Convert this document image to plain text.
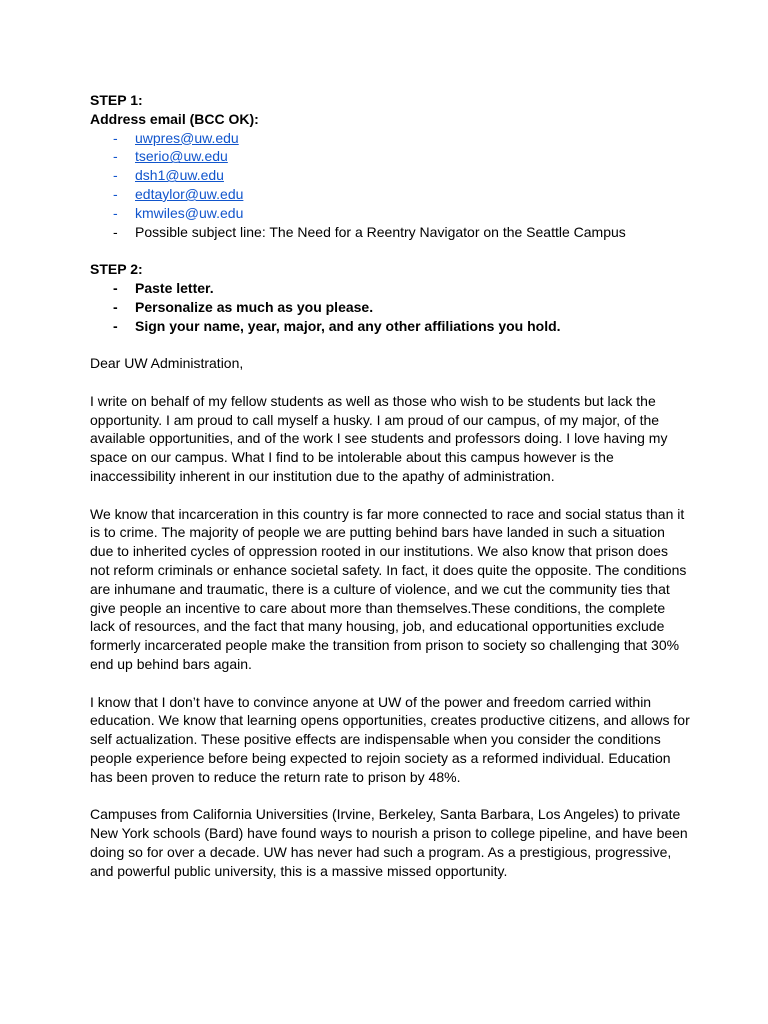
STEP 1:
Address email (BCC OK):
- uwpres@uw.edu
- tserio@uw.edu
- dsh1@uw.edu
- edtaylor@uw.edu
- kmwiles@uw.edu
- Possible subject line: The Need for a Reentry Navigator on the Seattle Campus
STEP 2:
- Paste letter.
- Personalize as much as you please.
- Sign your name, year, major, and any other affiliations you hold.

Dear UW Administration,

I write on behalf of my fellow students as well as those who wish to be students but lack the opportunity. I am proud to call myself a husky. I am proud of our campus, of my major, of the available opportunities, and of the work I see students and professors doing. I love having my space on our campus. What I find to be intolerable about this campus however is the inaccessibility inherent in our institution due to the apathy of administration.

We know that incarceration in this country is far more connected to race and social status than it is to crime. The majority of people we are putting behind bars have landed in such a situation due to inherited cycles of oppression rooted in our institutions. We also know that prison does not reform criminals or enhance societal safety. In fact, it does quite the opposite. The conditions are inhumane and traumatic, there is a culture of violence, and we cut the community ties that give people an incentive to care about more than themselves.These conditions, the complete lack of resources, and the fact that many housing, job, and educational opportunities exclude formerly incarcerated people make the transition from prison to society so challenging that 30% end up behind bars again.

I know that I don’t have to convince anyone at UW of the power and freedom carried within education. We know that learning opens opportunities, creates productive citizens, and allows for self actualization. These positive effects are indispensable when you consider the conditions people experience before being expected to rejoin society as a reformed individual. Education has been proven to reduce the return rate to prison by 48%.

Campuses from California Universities (Irvine, Berkeley, Santa Barbara, Los Angeles) to private New York schools (Bard) have found ways to nourish a prison to college pipeline, and have been doing so for over a decade. UW has never had such a program. As a prestigious, progressive, and powerful public university, this is a massive missed opportunity.
